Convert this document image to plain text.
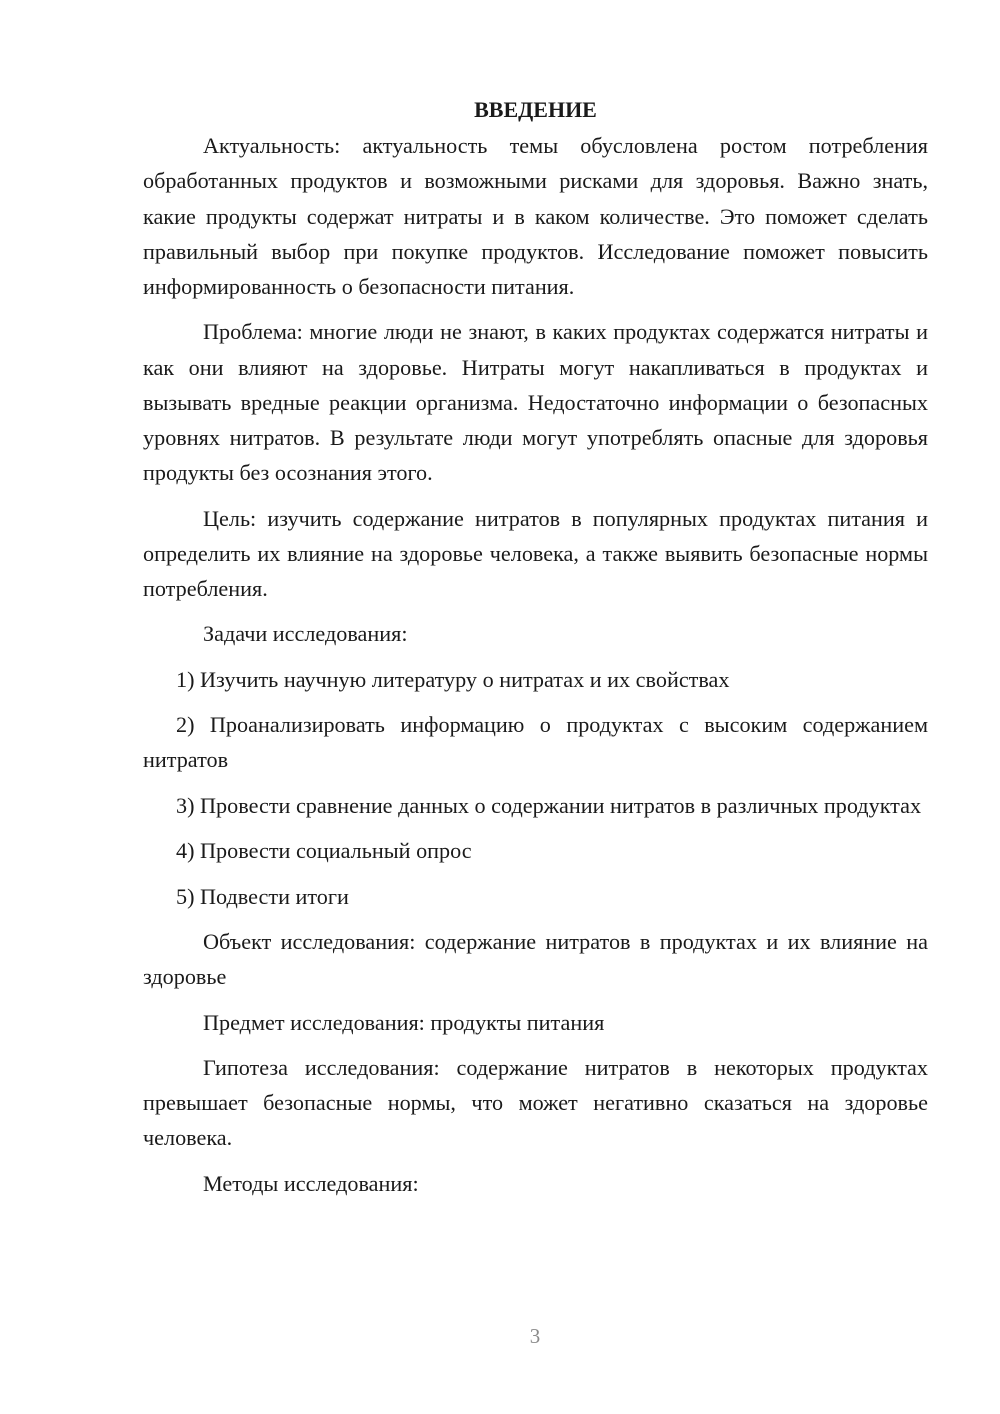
ВВЕДЕНИЕ

Актуальность: актуальность темы обусловлена ростом потребления обработанных продуктов и возможными рисками для здоровья. Важно знать, какие продукты содержат нитраты и в каком количестве. Это поможет сделать правильный выбор при покупке продуктов. Исследование поможет повысить информированность о безопасности питания.

Проблема: многие люди не знают, в каких продуктах содержатся нитраты и как они влияют на здоровье. Нитраты могут накапливаться в продуктах и вызывать вредные реакции организма. Недостаточно информации о безопасных уровнях нитратов. В результате люди могут употреблять опасные для здоровья продукты без осознания этого.

Цель: изучить содержание нитратов в популярных продуктах питания и определить их влияние на здоровье человека, а также выявить безопасные нормы потребления.

Задачи исследования:

1) Изучить научную литературу о нитратах и их свойствах

2) Проанализировать информацию о продуктах с высоким содержанием нитратов

3) Провести сравнение данных о содержании нитратов в различных продуктах

4) Провести социальный опрос

5) Подвести итоги

Объект исследования: содержание нитратов в продуктах и их влияние на здоровье

Предмет исследования: продукты питания

Гипотеза исследования: содержание нитратов в некоторых продуктах превышает безопасные нормы, что может негативно сказаться на здоровье человека.

Методы исследования:

3
